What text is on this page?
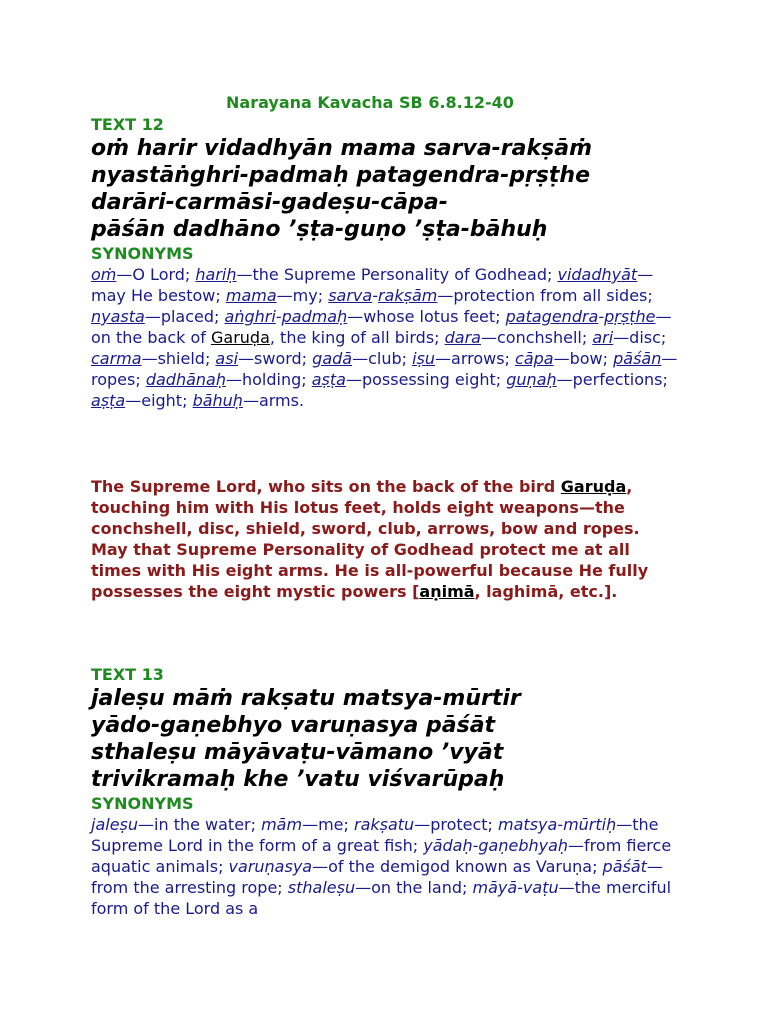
Narayana Kavacha SB 6.8.12-40
TEXT 12
oṁ harir vidadhyān mama sarva-rakṣāṁ
nyastāṅghri-padmaḥ patagendra-pṛṣṭhe
darāri-carmāsi-gadeṣu-cāpa-
pāśān dadhāno ’ṣṭa-guṇo ’ṣṭa-bāhuḥ
SYNONYMS
oṁ—O Lord; hariḥ—the Supreme Personality of Godhead; vidadhyāt—may He bestow; mama—my; sarva-rakṣām—protection from all sides; nyasta—placed; aṅghri-padmaḥ—whose lotus feet; patagendra-pṛṣṭhe—on the back of Garuḍa, the king of all birds; dara—conchshell; ari—disc; carma—shield; asi—sword; gadā—club; iṣu—arrows; cāpa—bow; pāśān—ropes; dadhānaḥ—holding; aṣṭa—possessing eight; guṇaḥ—perfections; aṣṭa—eight; bāhuḥ—arms.
The Supreme Lord, who sits on the back of the bird Garuḍa, touching him with His lotus feet, holds eight weapons—the conchshell, disc, shield, sword, club, arrows, bow and ropes. May that Supreme Personality of Godhead protect me at all times with His eight arms. He is all-powerful because He fully possesses the eight mystic powers [aṇimā, laghimā, etc.].
TEXT 13
jaleṣu māṁ rakṣatu matsya-mūrtir
yādo-gaṇebhyo varuṇasya pāśāt
sthaleṣu māyāvaṭu-vāmano ’vyāt
trivikramaḥ khe ’vatu viśvarūpaḥ
SYNONYMS
jaleṣu—in the water; mām—me; rakṣatu—protect; matsya-mūrtiḥ—the Supreme Lord in the form of a great fish; yādaḥ-gaṇebhyaḥ—from fierce aquatic animals; varuṇasya—of the demigod known as Varuṇa; pāśāt—from the arresting rope; sthaleṣu—on the land; māyā-vaṭu—the merciful form of the Lord as a
